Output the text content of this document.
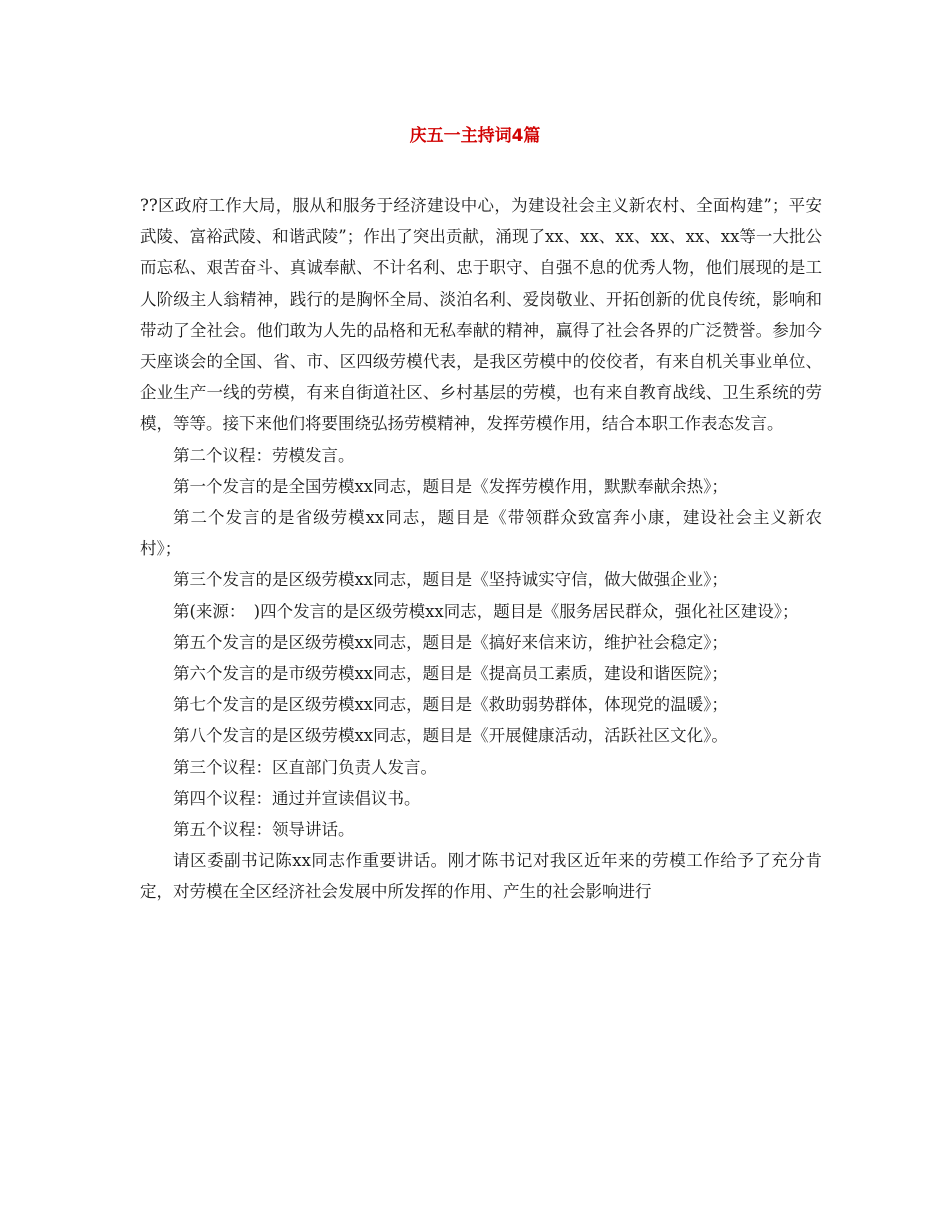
庆五一主持词4篇

??区政府工作大局，服从和服务于经济建设中心，为建设社会主义新农村、全面构建”；平安武陵、富裕武陵、和谐武陵”；作出了突出贡献，涌现了xx、xx、xx、xx、xx、xx等一大批公而忘私、艰苦奋斗、真诚奉献、不计名利、忠于职守、自强不息的优秀人物，他们展现的是工人阶级主人翁精神，践行的是胸怀全局、淡泊名利、爱岗敬业、开拓创新的优良传统，影响和带动了全社会。他们敢为人先的品格和无私奉献的精神，赢得了社会各界的广泛赞誉。参加今天座谈会的全国、省、市、区四级劳模代表，是我区劳模中的佼佼者，有来自机关事业单位、企业生产一线的劳模，有来自街道社区、乡村基层的劳模，也有来自教育战线、卫生系统的劳模，等等。接下来他们将要围绕弘扬劳模精神，发挥劳模作用，结合本职工作表态发言。

第二个议程：劳模发言。

第一个发言的是全国劳模xx同志，题目是《发挥劳模作用，默默奉献余热》；

第二个发言的是省级劳模xx同志，题目是《带领群众致富奔小康，建设社会主义新农村》；

第三个发言的是区级劳模xx同志，题目是《坚持诚实守信，做大做强企业》；

第(来源：　)四个发言的是区级劳模xx同志，题目是《服务居民群众，强化社区建设》；

第五个发言的是区级劳模xx同志，题目是《搞好来信来访，维护社会稳定》；

第六个发言的是市级劳模xx同志，题目是《提高员工素质，建设和谐医院》；

第七个发言的是区级劳模xx同志，题目是《救助弱势群体，体现党的温暖》；

第八个发言的是区级劳模xx同志，题目是《开展健康活动，活跃社区文化》。

第三个议程：区直部门负责人发言。

第四个议程：通过并宣读倡议书。

第五个议程：领导讲话。

请区委副书记陈xx同志作重要讲话。刚才陈书记对我区近年来的劳模工作给予了充分肯定，对劳模在全区经济社会发展中所发挥的作用、产生的社会影响进行
